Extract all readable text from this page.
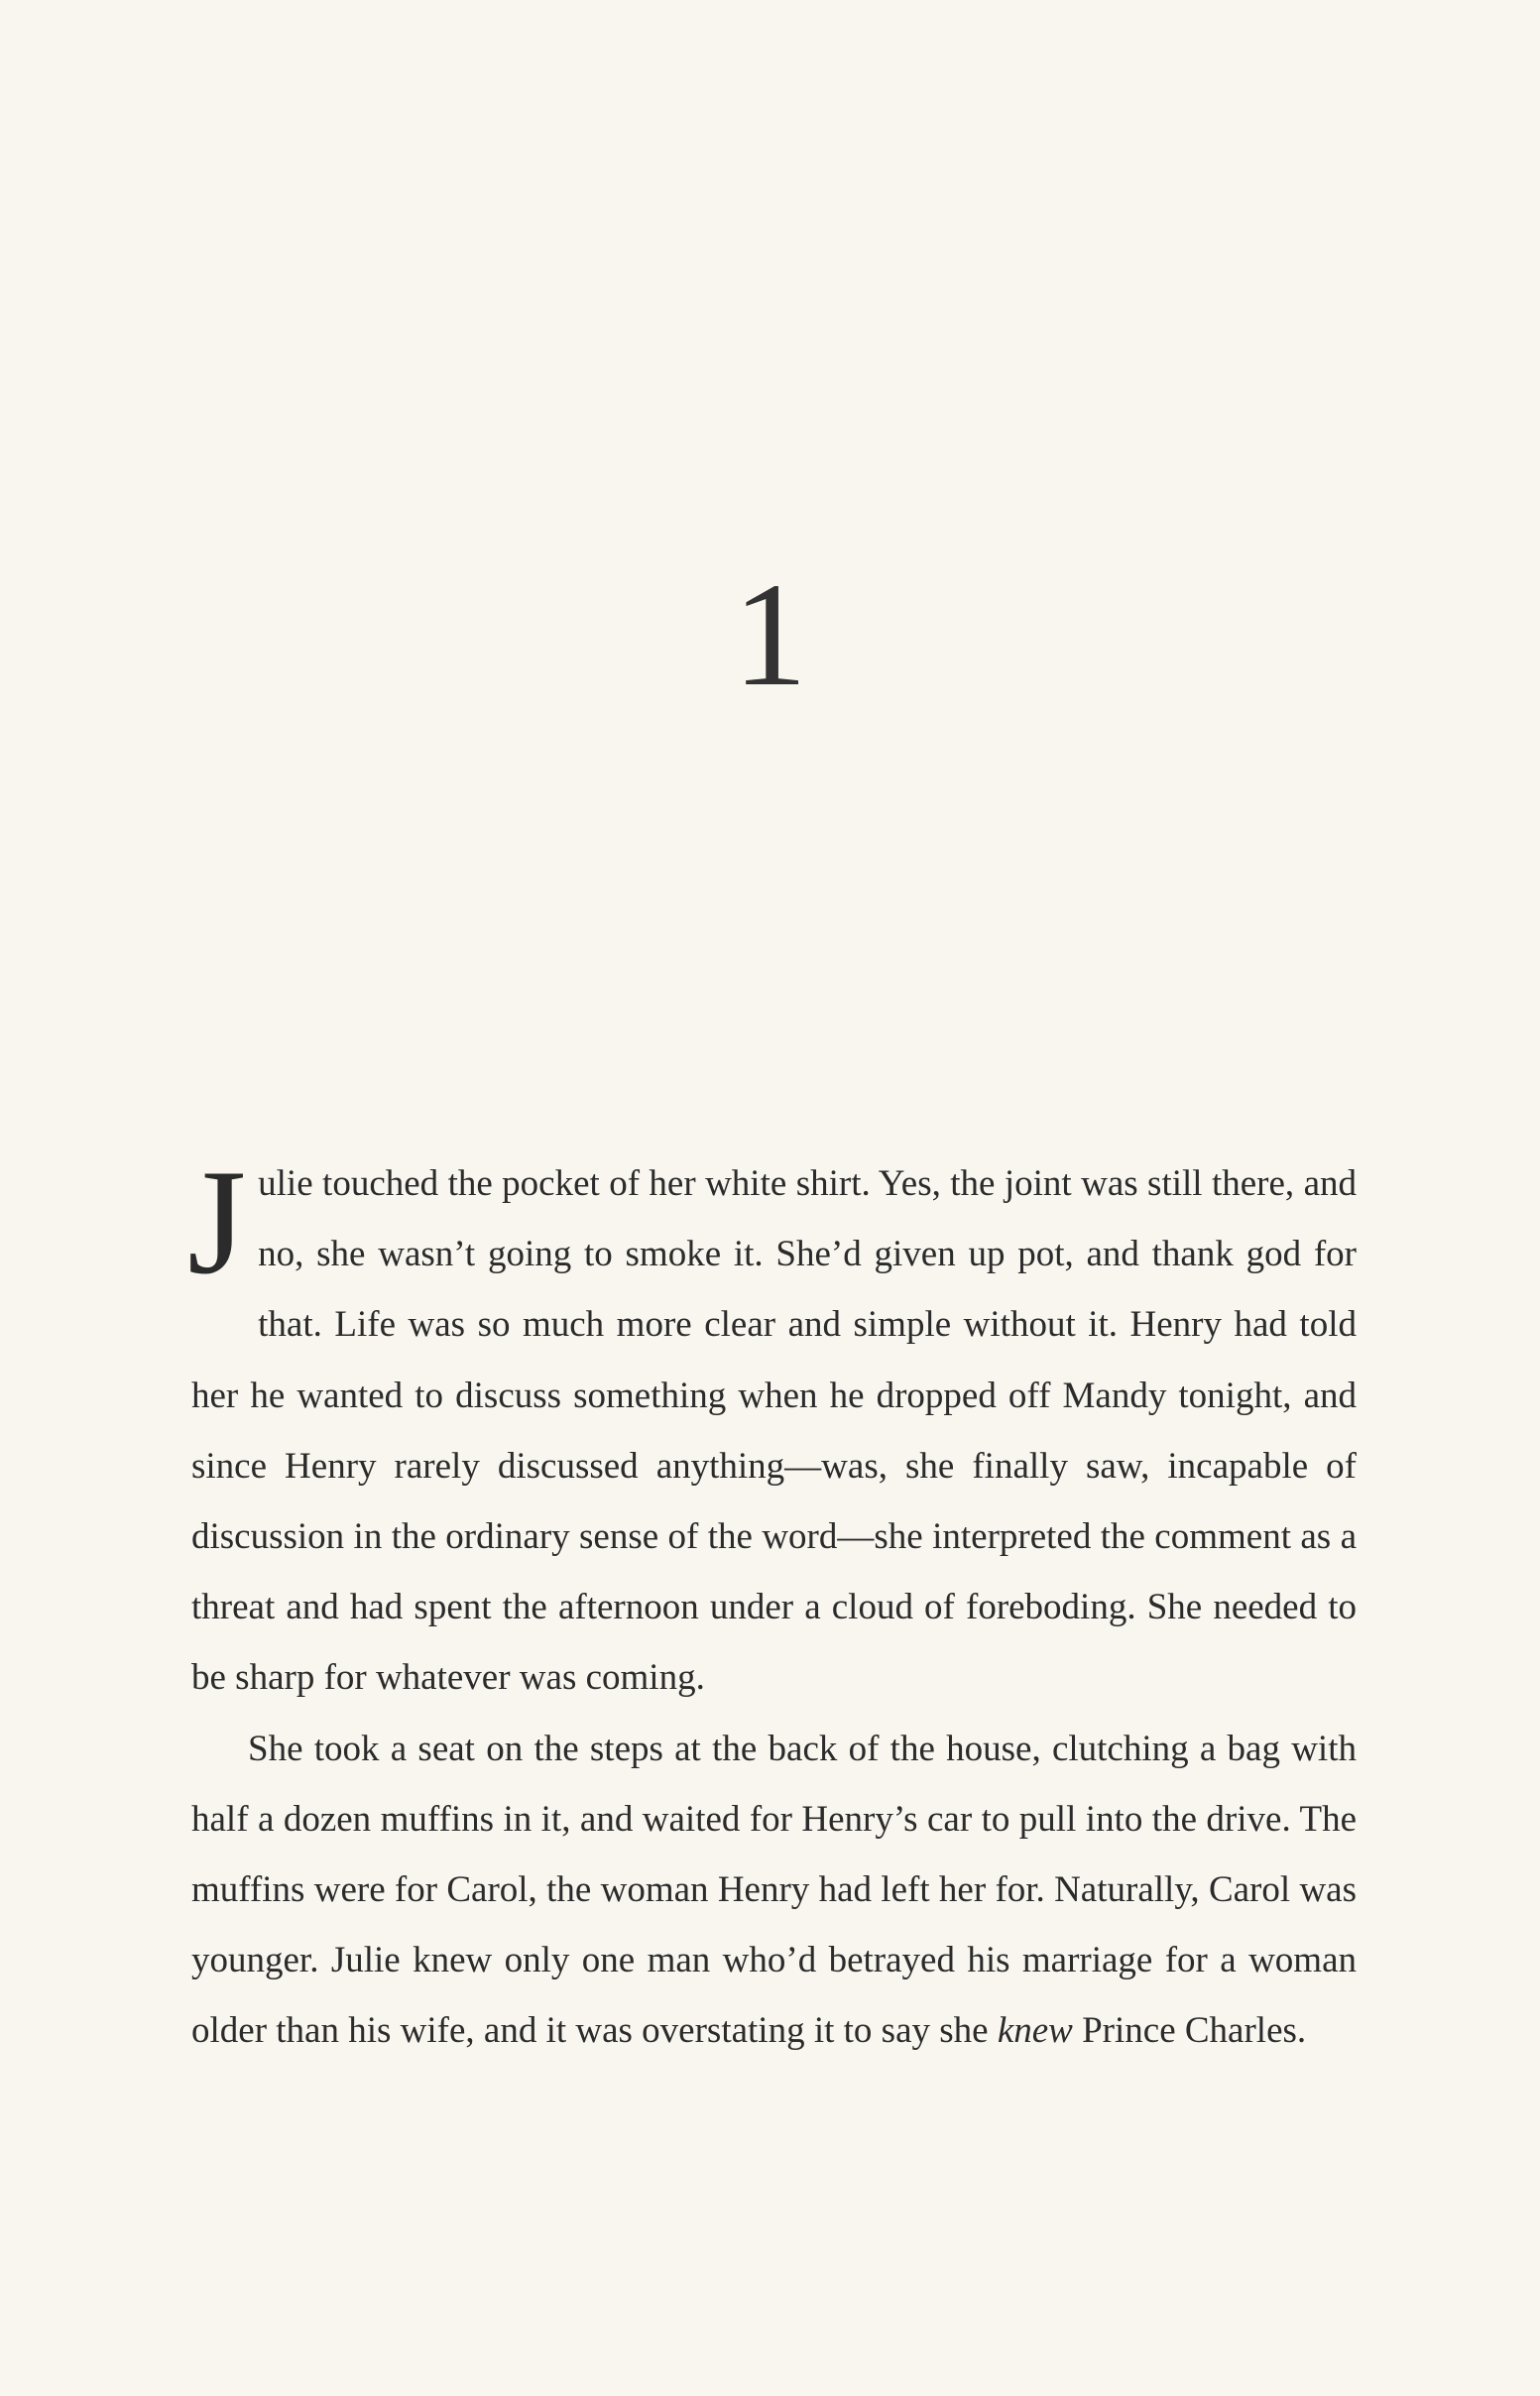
1

Julie touched the pocket of her white shirt. Yes, the joint was still there, and no, she wasn’t going to smoke it. She’d given up pot, and thank god for that. Life was so much more clear and simple without it. Henry had told her he wanted to discuss something when he dropped off Mandy tonight, and since Henry rarely discussed anything—was, she finally saw, incapable of discussion in the ordinary sense of the word—she interpreted the comment as a threat and had spent the afternoon under a cloud of foreboding. She needed to be sharp for whatever was coming.

She took a seat on the steps at the back of the house, clutching a bag with half a dozen muffins in it, and waited for Henry’s car to pull into the drive. The muffins were for Carol, the woman Henry had left her for. Naturally, Carol was younger. Julie knew only one man who’d betrayed his marriage for a woman older than his wife, and it was overstating it to say she knew Prince Charles.
